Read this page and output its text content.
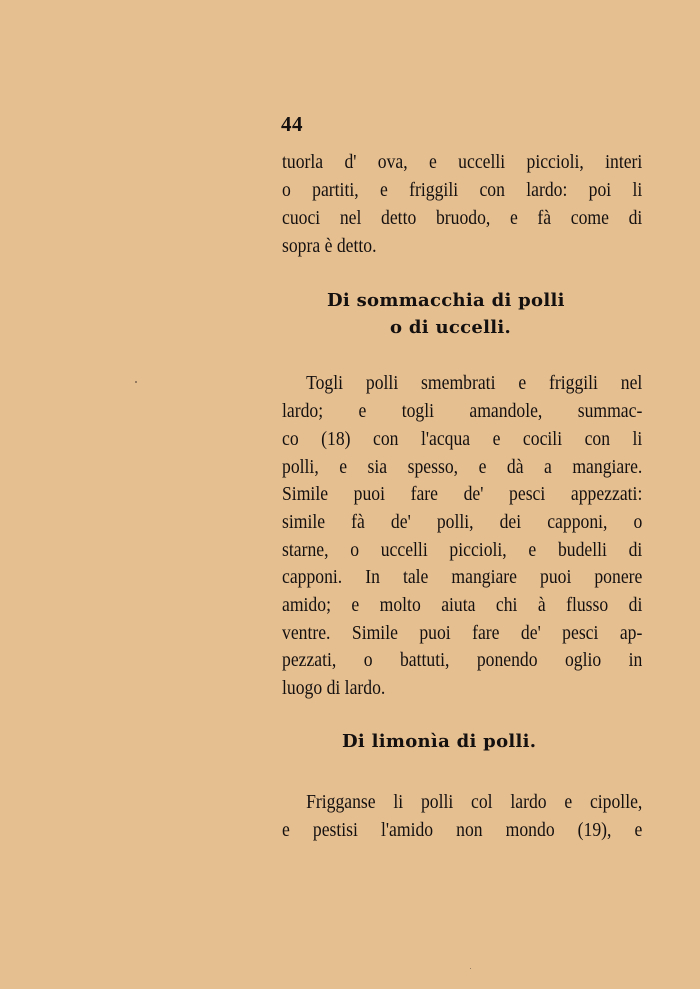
44
tuorla d' ova, e uccelli piccioli, interi
o partiti, e friggili con lardo: poi li
cuoci nel detto bruodo, e fà come di
sopra è detto.
Di sommacchia di polli
o di uccelli.
Togli polli smembrati e friggili nel
lardo; e togli amandole, summac-
co (18) con l'acqua e cocili con li
polli, e sia spesso, e dà a mangiare.
Simile puoi fare de' pesci appezzati:
simile fà de' polli, dei capponi, o
starne, o uccelli piccioli, e budelli di
capponi. In tale mangiare puoi ponere
amido; e molto aiuta chi à flusso di
ventre. Simile puoi fare de' pesci ap-
pezzati, o battuti, ponendo oglio in
luogo di lardo.
Di limonìa di polli.
Frigganse li polli col lardo e cipolle,
e pestisi l'amido non mondo (19), e
